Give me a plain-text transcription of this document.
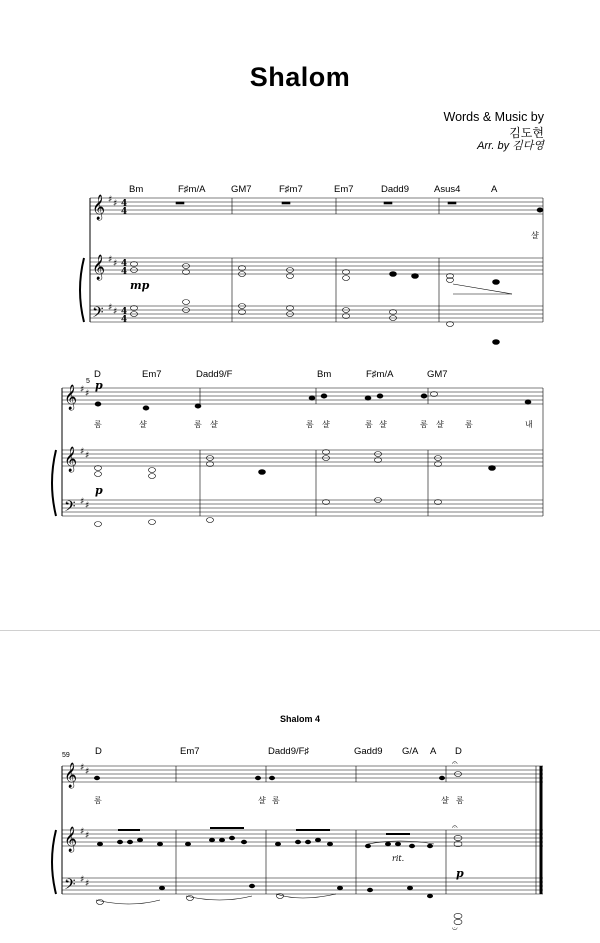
Shalom
Words & Music by
김도현
Arr. by 김다영
Bm	F♯m/A	GM7	F♯m7	Em7	Dadd9	Asus4	A
샬
mp
5
D	Em7	Dadd9/F	Bm	F♯m/A	GM7
p
p
롬	샬	롬 샬	롬 샬	롬 샬	롬 샬	롬	내
𝄞
𝄞
𝄢
♯ ♯
♯ ♯
♯ ♯
4
4
4
4
4
4
𝄞
𝄞
𝄢
♯ ♯
♯ ♯
♯ ♯
Shalom 4
59	D	Em7	Dadd9/F♯	Gadd9 G/A A D
롬	샬 롬	샬 롬
rit.
p
𝄞
𝄞
𝄢
♯ ♯
♯ ♯
♯ ♯
𝄐
𝄐
𝄑
